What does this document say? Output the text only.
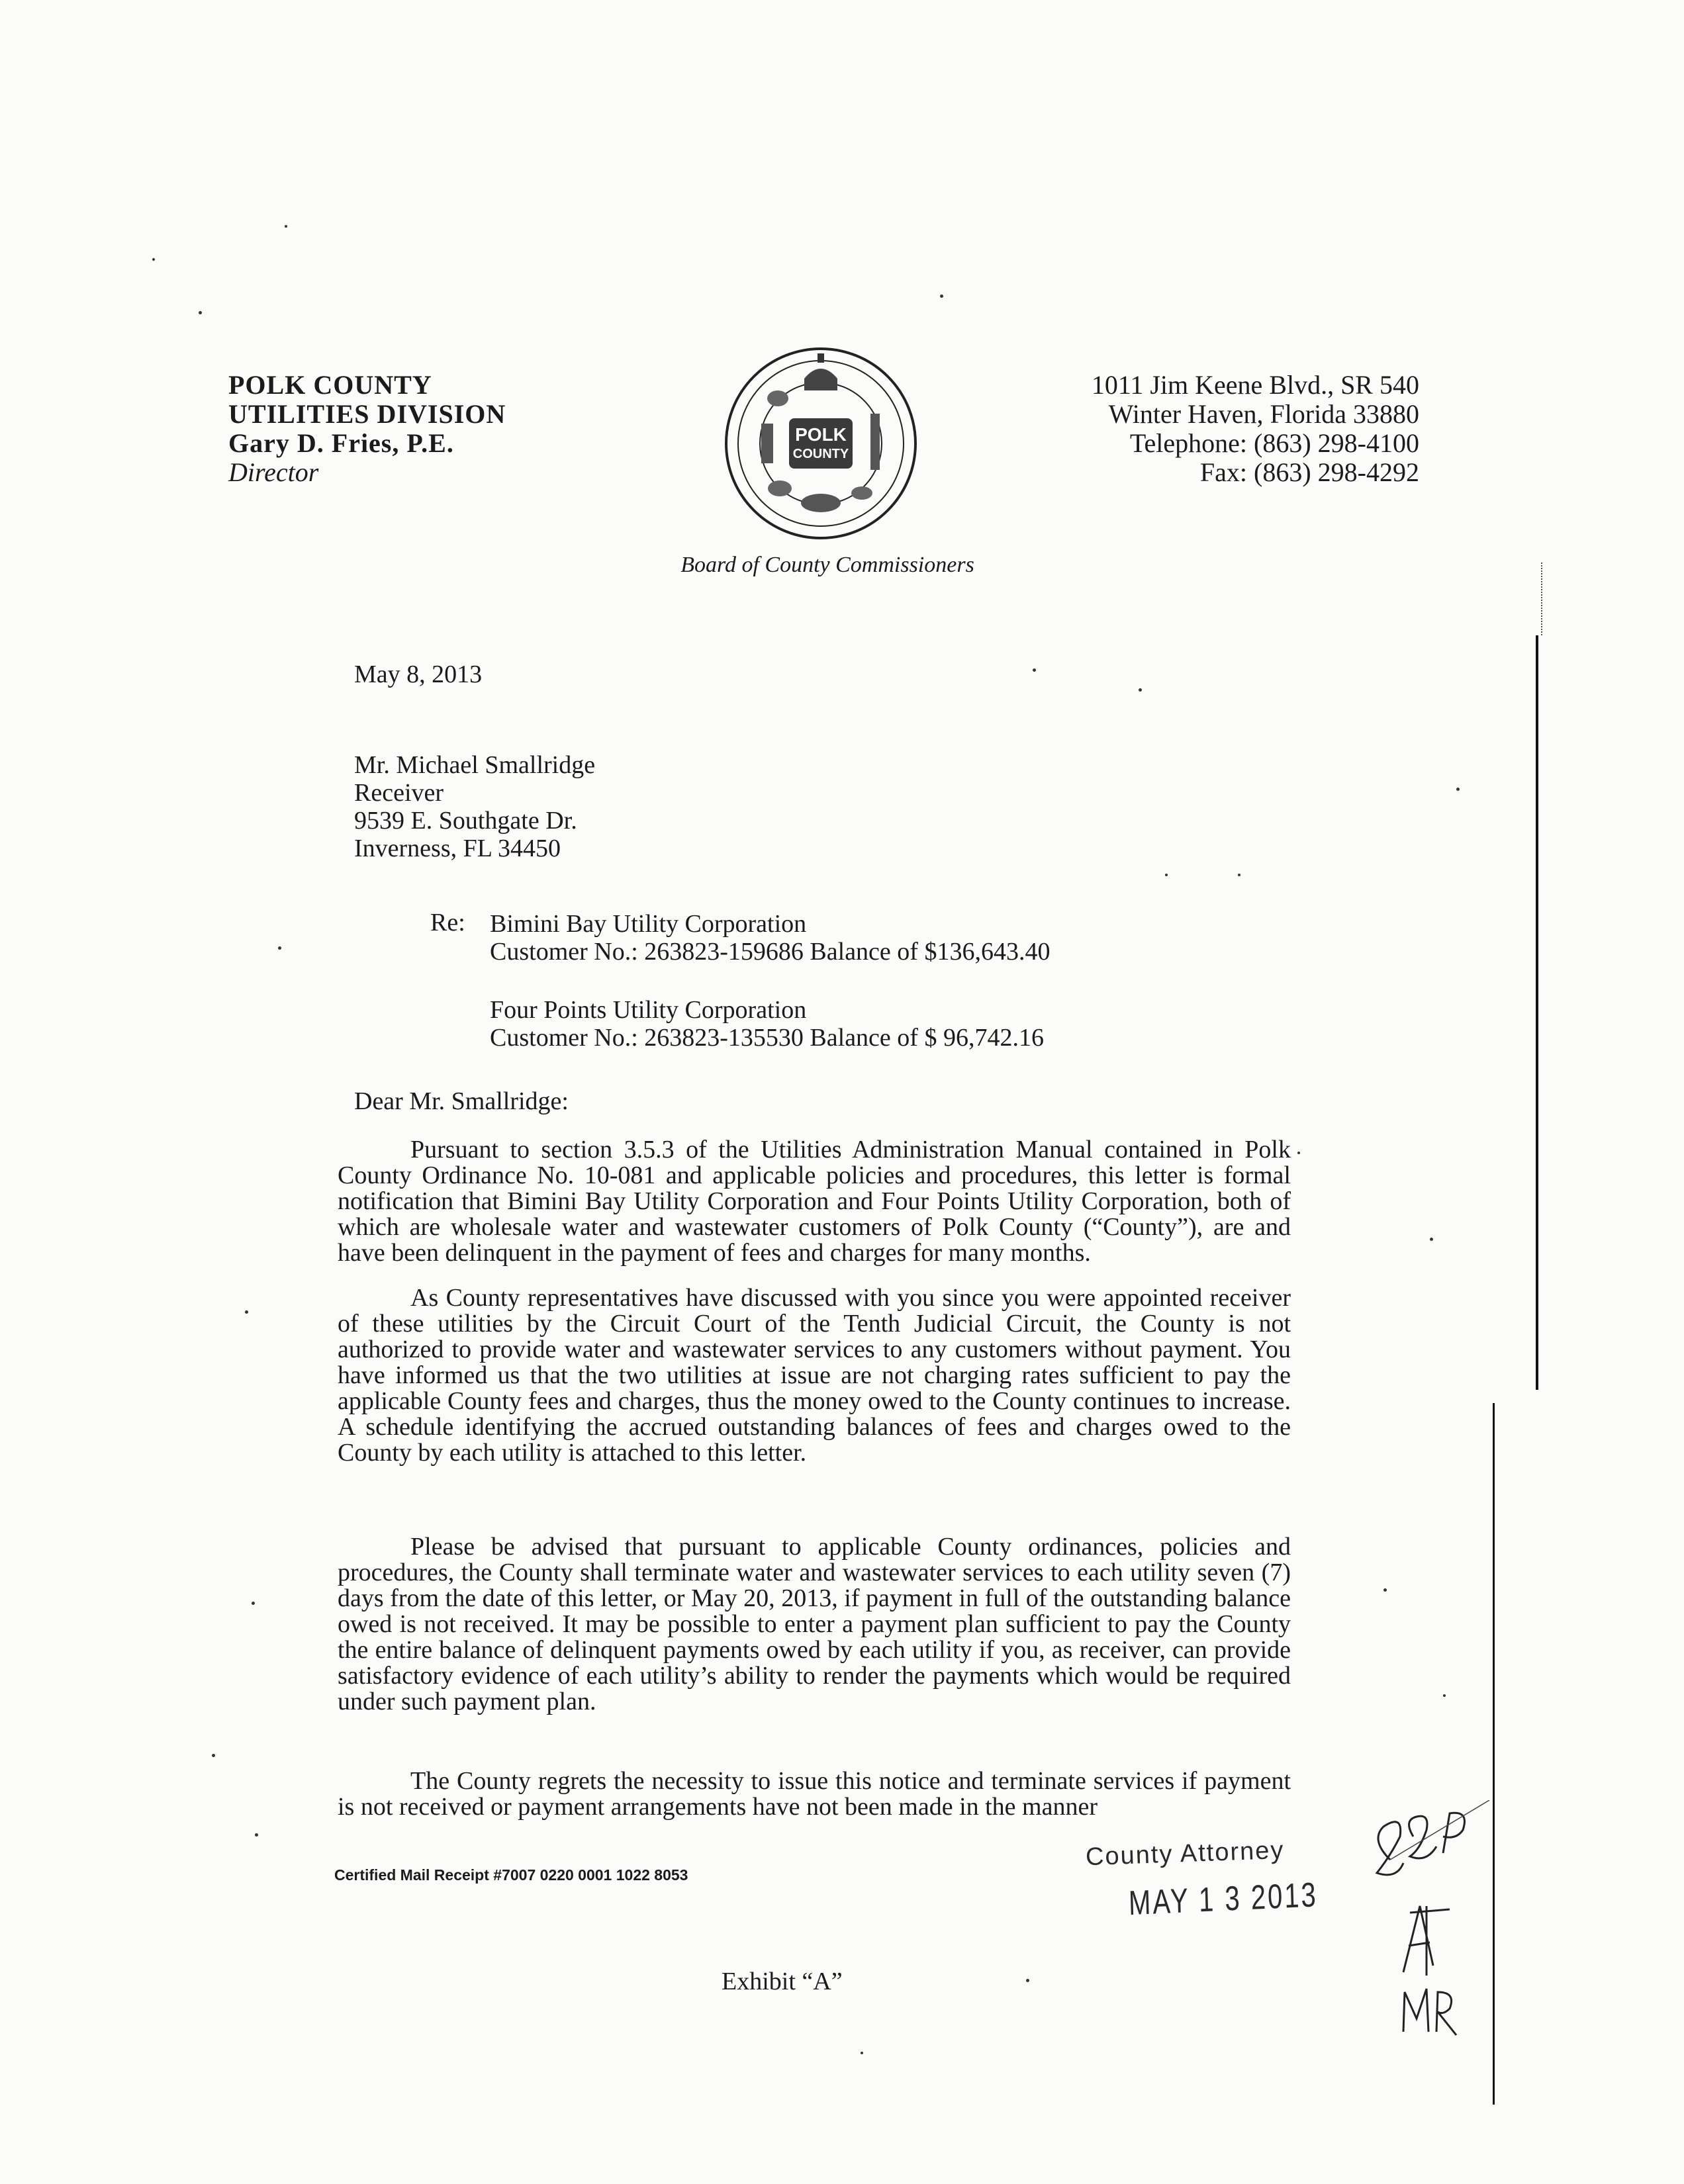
POLK COUNTY
UTILITIES DIVISION
Gary D. Fries, P.E.
Director
POLK
COUNTY
Board of County Commissioners
1011 Jim Keene Blvd., SR 540
Winter Haven, Florida 33880
Telephone: (863) 298-4100
Fax: (863) 298-4292
May 8, 2013
Mr. Michael Smallridge
Receiver
9539 E. Southgate Dr.
Inverness, FL 34450
Re: Bimini Bay Utility Corporation
Customer No.: 263823-159686 Balance of $136,643.40
Four Points Utility Corporation
Customer No.: 263823-135530 Balance of $ 96,742.16
Dear Mr. Smallridge:
Pursuant to section 3.5.3 of the Utilities Administration Manual contained in Polk County Ordinance No. 10-081 and applicable policies and procedures, this letter is formal notification that Bimini Bay Utility Corporation and Four Points Utility Corporation, both of which are wholesale water and wastewater customers of Polk County (“County”), are and have been delinquent in the payment of fees and charges for many months.
As County representatives have discussed with you since you were appointed receiver of these utilities by the Circuit Court of the Tenth Judicial Circuit, the County is not authorized to provide water and wastewater services to any customers without payment. You have informed us that the two utilities at issue are not charging rates sufficient to pay the applicable County fees and charges, thus the money owed to the County continues to increase. A schedule identifying the accrued outstanding balances of fees and charges owed to the County by each utility is attached to this letter.
Please be advised that pursuant to applicable County ordinances, policies and procedures, the County shall terminate water and wastewater services to each utility seven (7) days from the date of this letter, or May 20, 2013, if payment in full of the outstanding balance owed is not received. It may be possible to enter a payment plan sufficient to pay the County the entire balance of delinquent payments owed by each utility if you, as receiver, can provide satisfactory evidence of each utility’s ability to render the payments which would be required under such payment plan.
The County regrets the necessity to issue this notice and terminate services if payment is not received or payment arrangements have not been made in the manner
Certified Mail Receipt #7007 0220 0001 1022 8053
County Attorney
MAY 1 3 2013
Exhibit “A”
